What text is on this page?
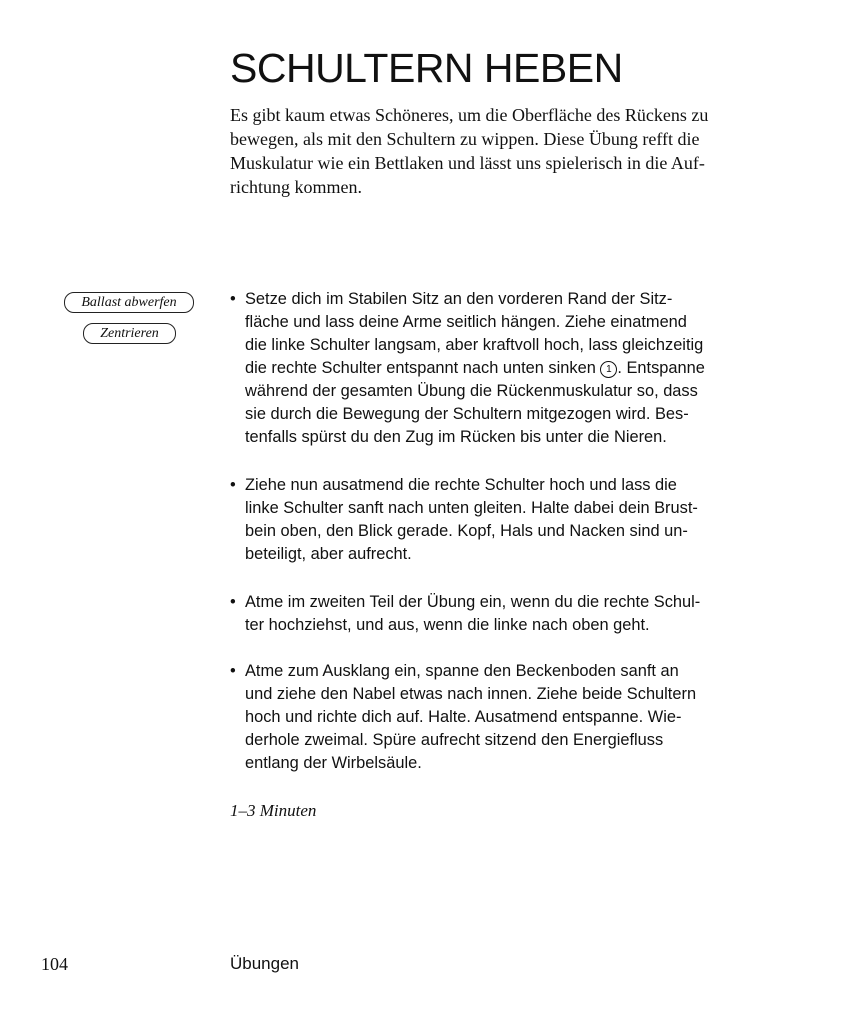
SCHULTERN HEBEN

Es gibt kaum etwas Schöneres, um die Oberfläche des Rückens zu
bewegen, als mit den Schultern zu wippen. Diese Übung refft die
Muskulatur wie ein Bettlaken und lässt uns spielerisch in die Auf-
richtung kommen.

Ballast abwerfen
Zentrieren
• Setze dich im Stabilen Sitz an den vorderen Rand der Sitz-
fläche und lass deine Arme seitlich hängen. Ziehe einatmend
die linke Schulter langsam, aber kraftvoll hoch, lass gleichzeitig
die rechte Schulter entspannt nach unten sinken 1 . Entspanne
während der gesamten Übung die Rückenmuskulatur so, dass
sie durch die Bewegung der Schultern mitgezogen wird. Bes-
tenfalls spürst du den Zug im Rücken bis unter die Nieren.
• Ziehe nun ausatmend die rechte Schulter hoch und lass die
linke Schulter sanft nach unten gleiten. Halte dabei dein Brust-
bein oben, den Blick gerade. Kopf, Hals und Nacken sind un-
beteiligt, aber aufrecht.
• Atme im zweiten Teil der Übung ein, wenn du die rechte Schul-
ter hochziehst, und aus, wenn die linke nach oben geht.
• Atme zum Ausklang ein, spanne den Beckenboden sanft an
und ziehe den Nabel etwas nach innen. Ziehe beide Schultern
hoch und richte dich auf. Halte. Ausatmend entspanne. Wie-
derhole zweimal. Spüre aufrecht sitzend den Energiefluss
entlang der Wirbelsäule.
1–3 Minuten
104	Übungen
